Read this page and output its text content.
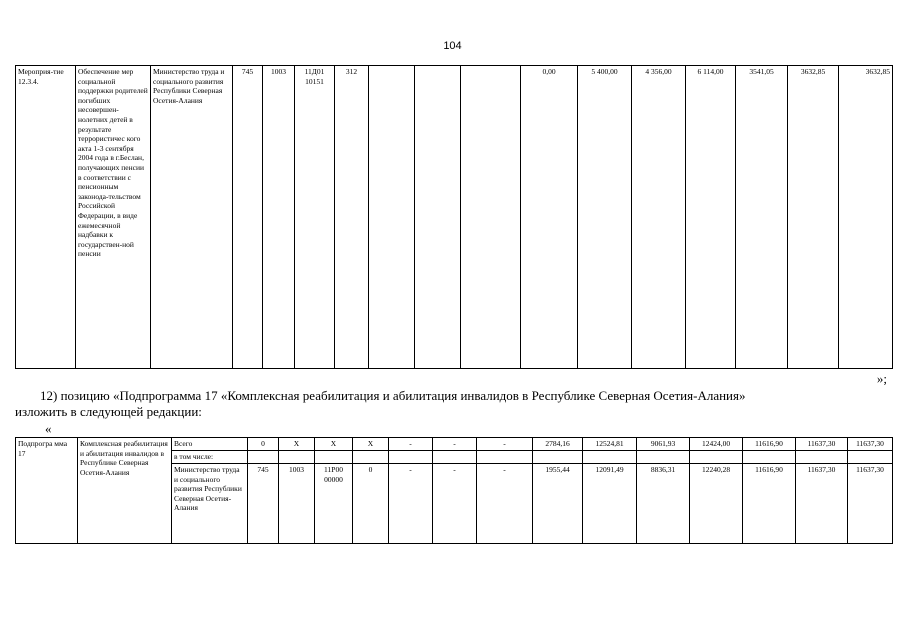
104
Мероприя-тие 12.3.4.	Обеспечение мер социальной поддержки родителей погибших несовершен-нолетних детей в результате террористичес кого акта 1-3 сентября 2004 года в г.Беслан, получающих пенсии в соответствии с пенсионным законода-тельством Российской Федерации, в виде ежемесячной надбавки к государствен-ной пенсии	Министерство труда и социального развития Республики Северная Осетия-Алания	745	1003	11Д01 10151	312				0,00	5 400,00	4 356,00	6 114,00	3541,05	3632,85	3632,85
»;
12) позицию «Подпрограмма 17 «Комплексная реабилитация и абилитация инвалидов в Республике Северная Осетия-Алания»
изложить в следующей редакции:
«
Подпрогра мма 17	Комплексная реабилитация и абилитация инвалидов в Республике Северная Осетия-Алания	Всего	0	Х	Х	Х	-	-	-	2784,16	12524,81	9061,93	12424,00	11616,90	11637,30	11637,30
		в том числе:														
		Министерство труда и социального развития Республики Северная Осетия-Алания	745	1003	11Р00 00000	0	-	-	-	1955,44	12091,49	8836,31	12240,28	11616,90	11637,30	11637,30
